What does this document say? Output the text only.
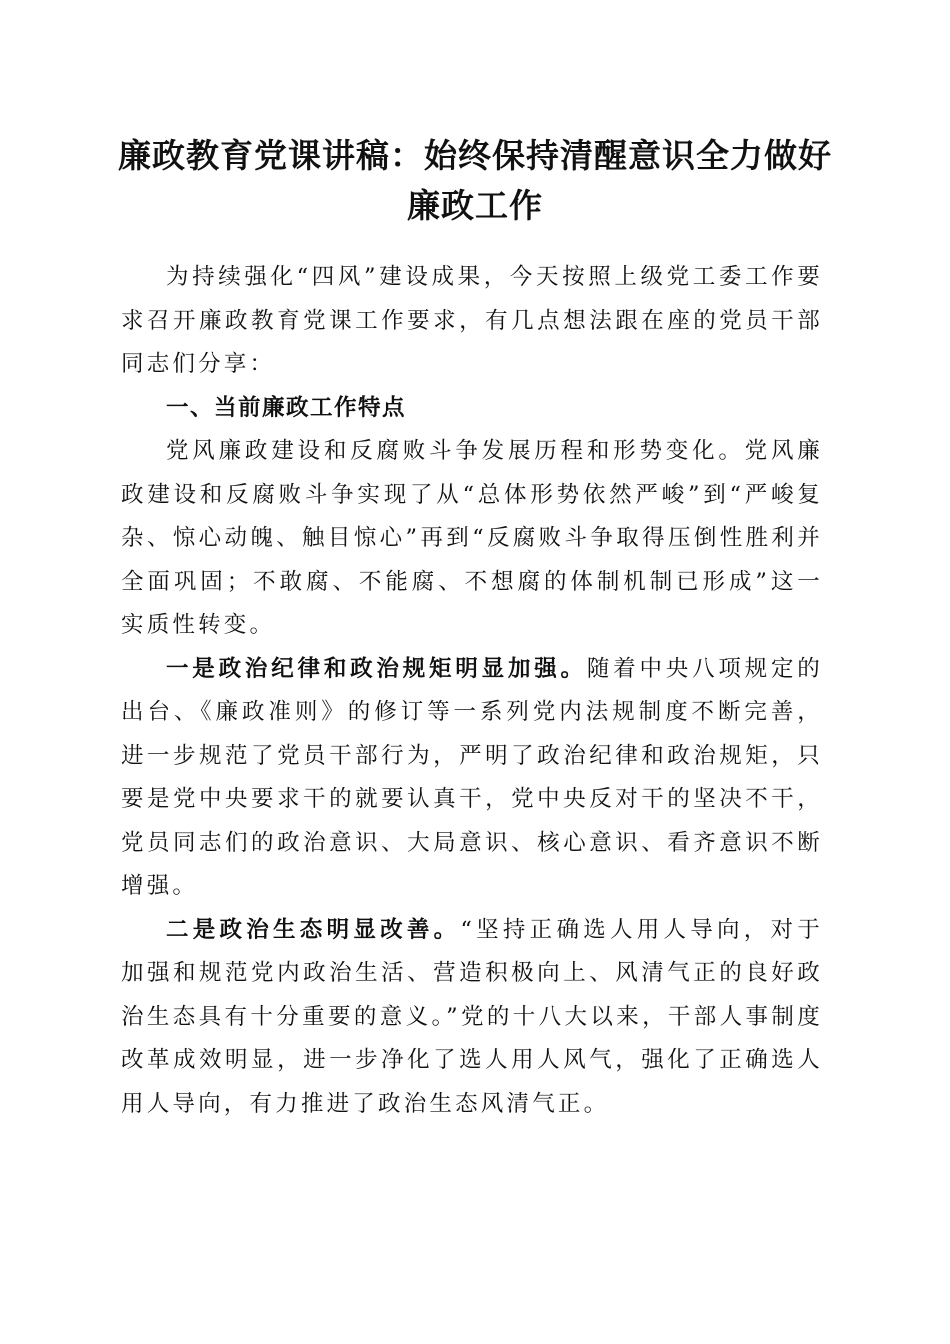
廉政教育党课讲稿：始终保持清醒意识全力做好廉政工作

为持续强化“四风”建设成果，今天按照上级党工委工作要求召开廉政教育党课工作要求，有几点想法跟在座的党员干部同志们分享：

一、当前廉政工作特点

党风廉政建设和反腐败斗争发展历程和形势变化。党风廉政建设和反腐败斗争实现了从“总体形势依然严峻”到“严峻复杂、惊心动魄、触目惊心”再到“反腐败斗争取得压倒性胜利并全面巩固；不敢腐、不能腐、不想腐的体制机制已形成”这一实质性转变。

一是政治纪律和政治规矩明显加强。随着中央八项规定的出台、《廉政准则》的修订等一系列党内法规制度不断完善，进一步规范了党员干部行为，严明了政治纪律和政治规矩，只要是党中央要求干的就要认真干，党中央反对干的坚决不干，党员同志们的政治意识、大局意识、核心意识、看齐意识不断增强。

二是政治生态明显改善。“坚持正确选人用人导向，对于加强和规范党内政治生活、营造积极向上、风清气正的良好政治生态具有十分重要的意义。”党的十八大以来，干部人事制度改革成效明显，进一步净化了选人用人风气，强化了正确选人用人导向，有力推进了政治生态风清气正。
